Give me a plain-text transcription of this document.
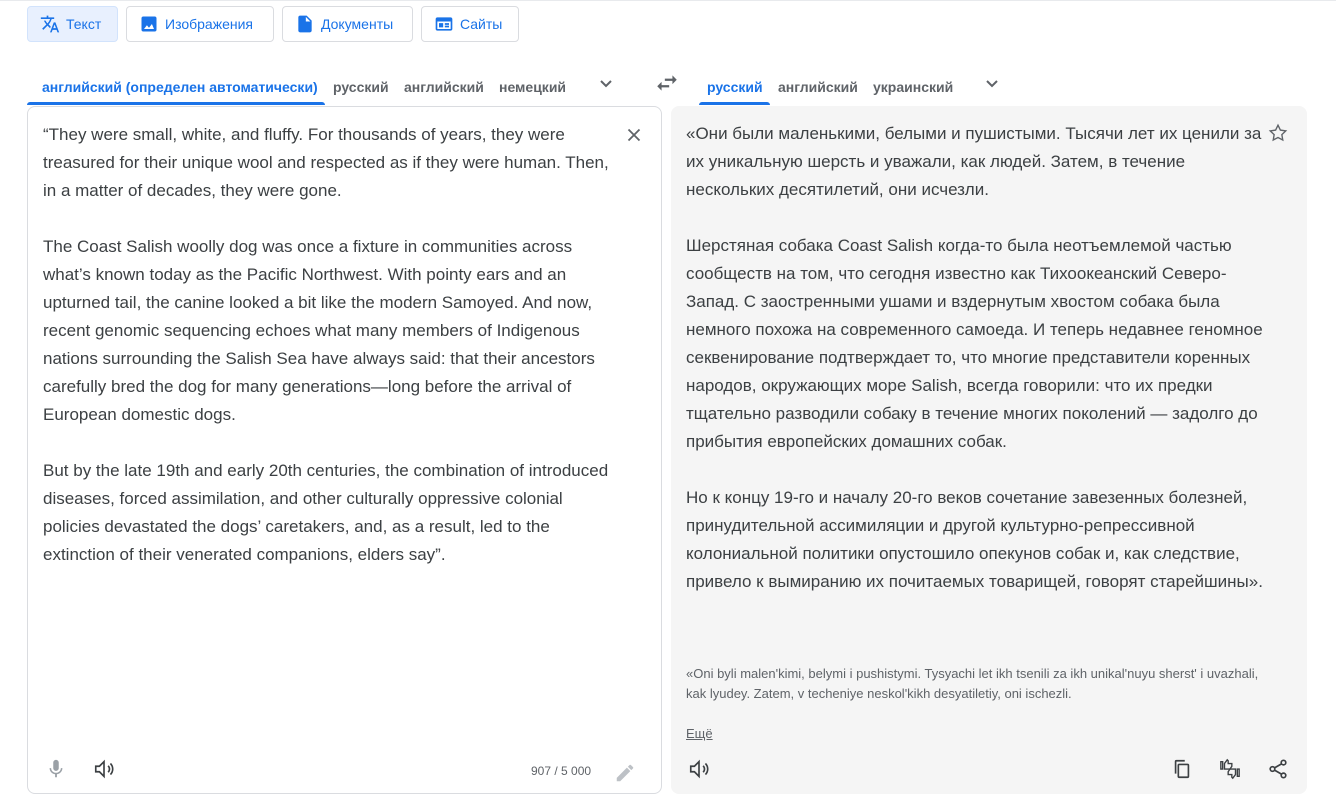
Текст	Изображения	Документы	Сайты
английский (определен автоматически) русский английский немецкий	русский английский украинский

“They were small, white, and fluffy. For thousands of years, they were treasured for their unique wool and respected as if they were human. Then, in a matter of decades, they were gone.

The Coast Salish woolly dog was once a fixture in communities across what’s known today as the Pacific Northwest. With pointy ears and an upturned tail, the canine looked a bit like the modern Samoyed. And now, recent genomic sequencing echoes what many members of Indigenous nations surrounding the Salish Sea have always said: that their ancestors carefully bred the dog for many generations—long before the arrival of European domestic dogs.

But by the late 19th and early 20th centuries, the combination of introduced diseases, forced assimilation, and other culturally oppressive colonial policies devastated the dogs’ caretakers, and, as a result, led to the extinction of their venerated companions, elders say”.

907 / 5 000

«Они были маленькими, белыми и пушистыми. Тысячи лет их ценили за их уникальную шерсть и уважали, как людей. Затем, в течение нескольких десятилетий, они исчезли.

Шерстяная собака Coast Salish когда-то была неотъемлемой частью сообществ на том, что сегодня известно как Тихоокеанский Северо-Запад. С заостренными ушами и вздернутым хвостом собака была немного похожа на современного самоеда. И теперь недавнее геномное секвенирование подтверждает то, что многие представители коренных народов, окружающих море Salish, всегда говорили: что их предки тщательно разводили собаку в течение многих поколений — задолго до прибытия европейских домашних собак.

Но к концу 19-го и началу 20-го веков сочетание завезенных болезней, принудительной ассимиляции и другой культурно-репрессивной колониальной политики опустошило опекунов собак и, как следствие, привело к вымиранию их почитаемых товарищей, говорят старейшины».

«Oni byli malen'kimi, belymi i pushistymi. Tysyachi let ikh tsenili za ikh unikal'nuyu sherst' i uvazhali, kak lyudey. Zatem, v techeniye neskol'kikh desyatiletiy, oni ischezli.

Ещё
